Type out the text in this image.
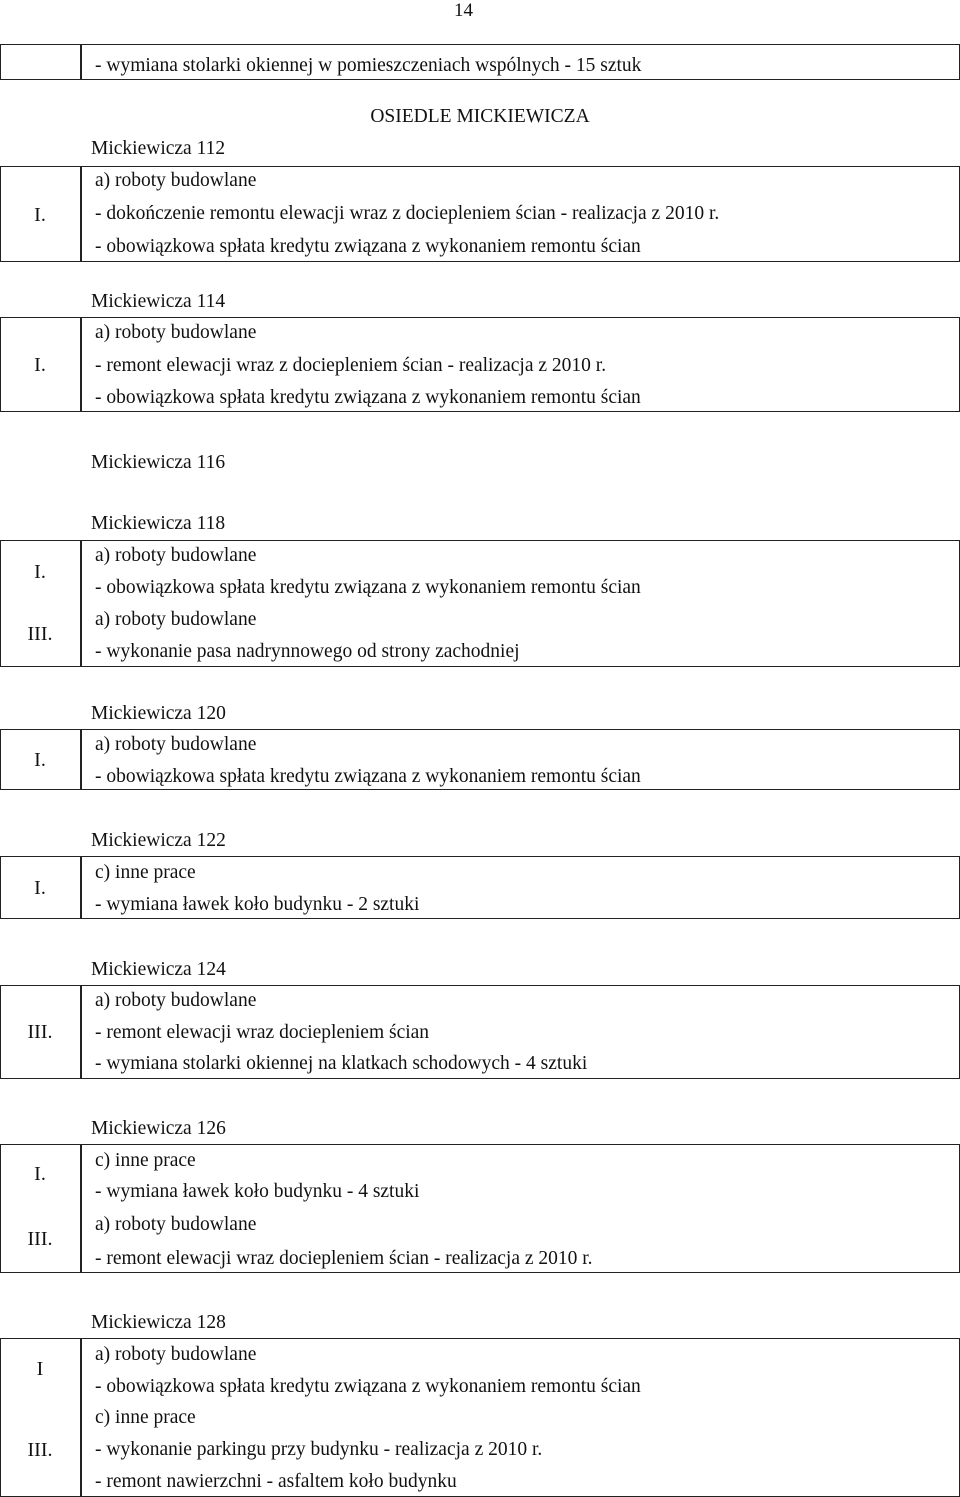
14
- wymiana stolarki okiennej w pomieszczeniach wspólnych - 15 sztuk
OSIEDLE MICKIEWICZA
Mickiewicza 112
I.
a) roboty budowlane
- dokończenie remontu elewacji wraz z dociepleniem ścian - realizacja z 2010 r.
- obowiązkowa spłata kredytu związana z wykonaniem remontu ścian
Mickiewicza 114
I.
a) roboty budowlane
- remont elewacji wraz z dociepleniem ścian - realizacja z 2010 r.
- obowiązkowa spłata kredytu związana z wykonaniem remontu ścian
Mickiewicza 116
Mickiewicza 118
I.
III.
a) roboty budowlane
- obowiązkowa spłata kredytu związana z wykonaniem remontu ścian
a) roboty budowlane
- wykonanie pasa nadrynnowego od strony zachodniej
Mickiewicza 120
I.
a) roboty budowlane
- obowiązkowa spłata kredytu związana z wykonaniem remontu ścian
Mickiewicza 122
I.
c) inne prace
- wymiana ławek koło budynku - 2 sztuki
Mickiewicza 124
III.
a) roboty budowlane
- remont elewacji wraz dociepleniem ścian
- wymiana stolarki okiennej na klatkach schodowych - 4 sztuki
Mickiewicza 126
I.
III.
c) inne prace
- wymiana ławek koło budynku - 4 sztuki
a) roboty budowlane
- remont elewacji wraz dociepleniem ścian - realizacja z 2010 r.
Mickiewicza 128
I
III.
a) roboty budowlane
- obowiązkowa spłata kredytu związana z wykonaniem remontu ścian
c) inne prace
- wykonanie parkingu przy budynku - realizacja z 2010 r.
- remont nawierzchni - asfaltem koło budynku
